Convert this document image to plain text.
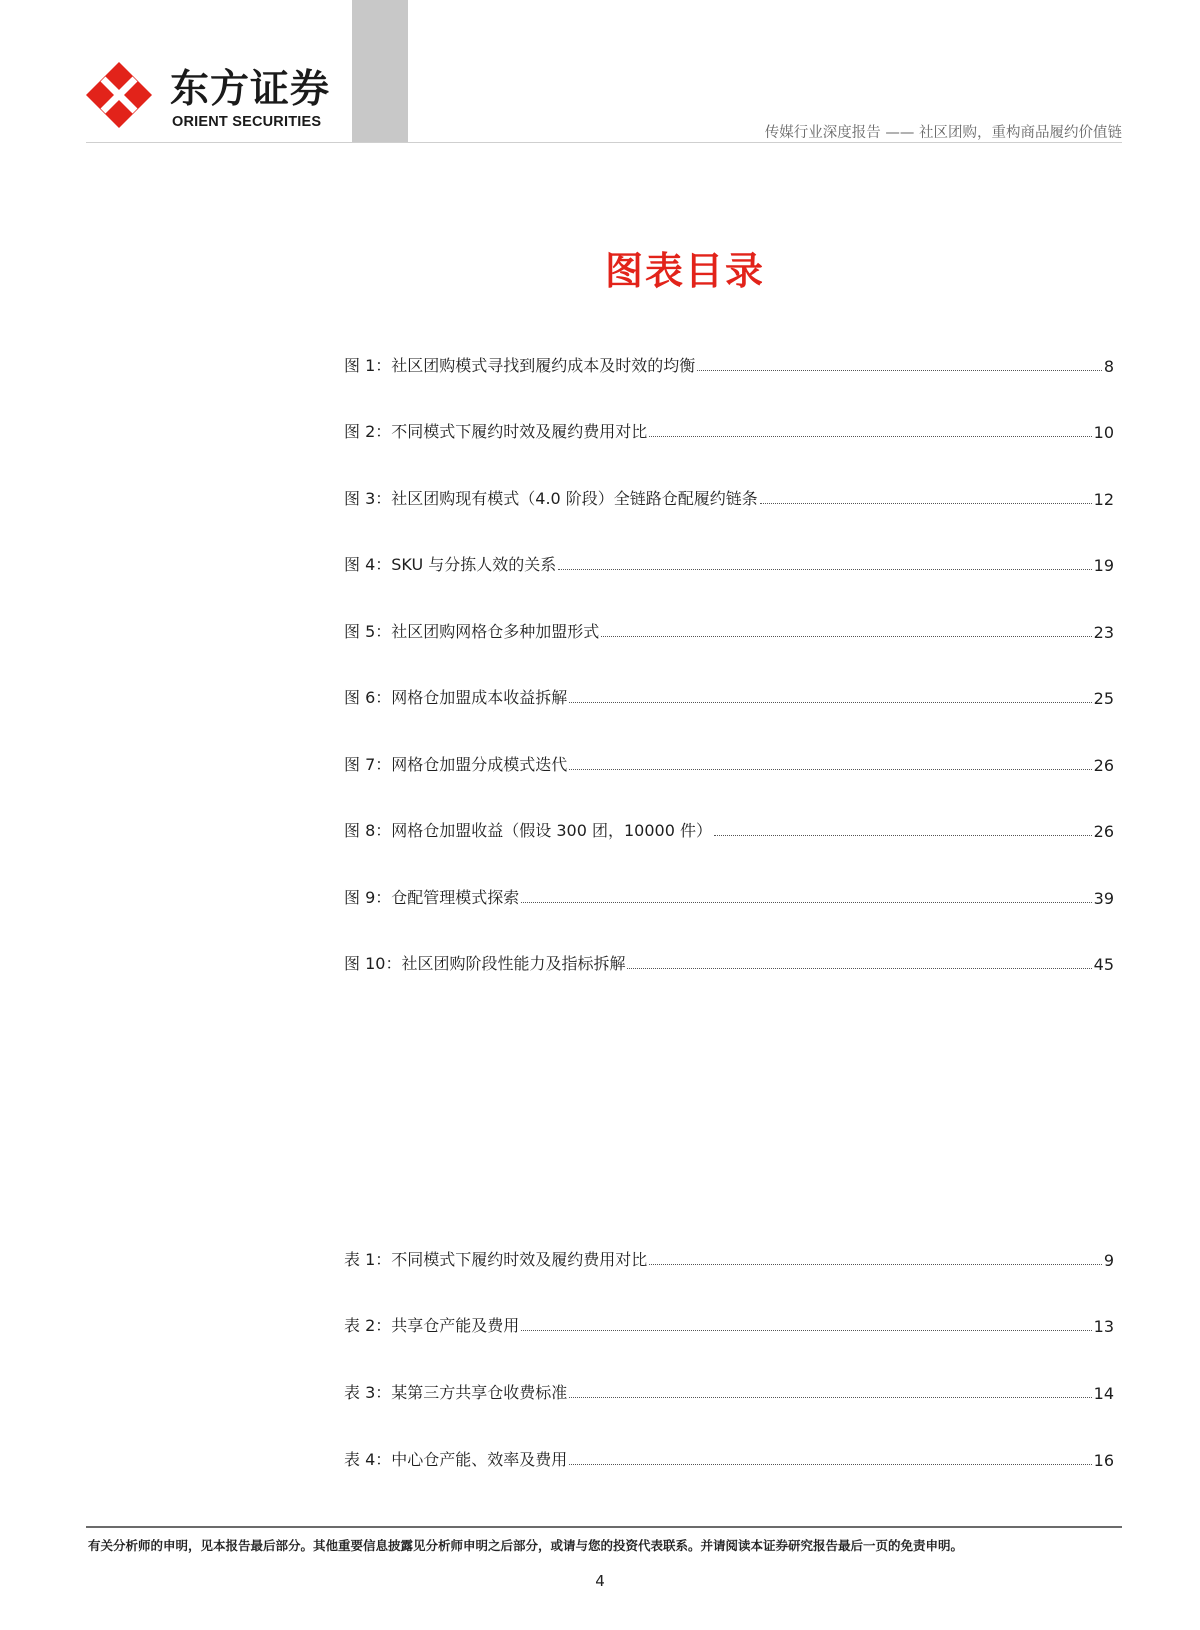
东方证券
ORIENT SECURITIES
传媒行业深度报告 —— 社区团购，重构商品履约价值链
图表目录
图 1：社区团购模式寻找到履约成本及时效的均衡	8
图 2：不同模式下履约时效及履约费用对比	10
图 3：社区团购现有模式（4.0 阶段）全链路仓配履约链条	12
图 4：SKU 与分拣人效的关系	19
图 5：社区团购网格仓多种加盟形式	23
图 6：网格仓加盟成本收益拆解	25
图 7：网格仓加盟分成模式迭代	26
图 8：网格仓加盟收益（假设 300 团，10000 件）	26
图 9：仓配管理模式探索	39
图 10：社区团购阶段性能力及指标拆解	45
表 1：不同模式下履约时效及履约费用对比	9
表 2：共享仓产能及费用	13
表 3：某第三方共享仓收费标准	14
表 4：中心仓产能、效率及费用	16
有关分析师的申明，见本报告最后部分。其他重要信息披露见分析师申明之后部分，或请与您的投资代表联系。并请阅读本证券研究报告最后一页的免责申明。
4
